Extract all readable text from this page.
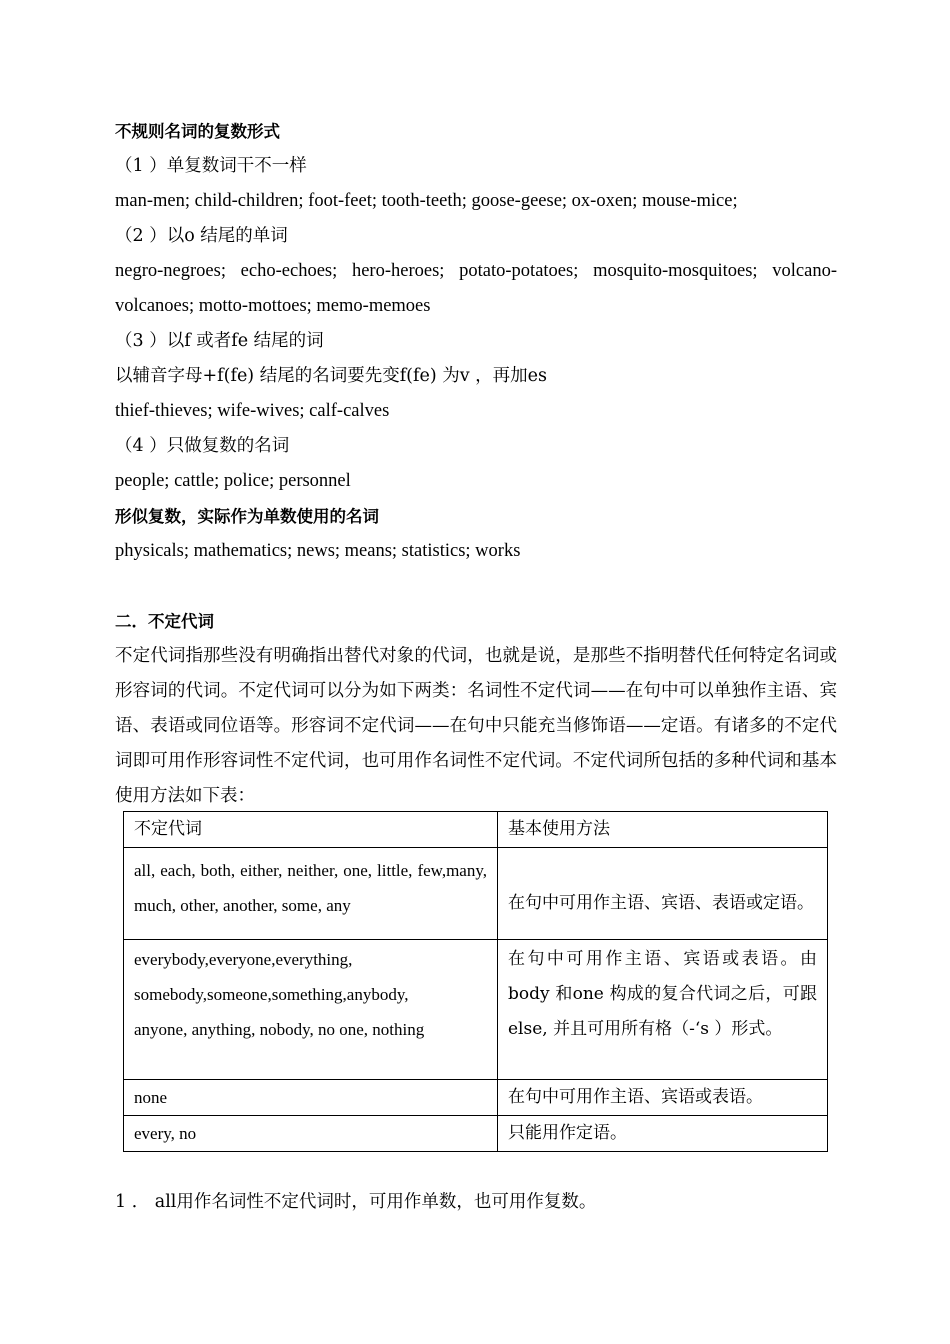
不规则名词的复数形式
（1 ）单复数词干不一样
man-men; child-children; foot-feet; tooth-teeth; goose-geese; ox-oxen; mouse-mice;
（2 ）以o 结尾的单词
negro-negroes; echo-echoes; hero-heroes; potato-potatoes; mosquito-mosquitoes; volcano-
volcanoes; motto-mottoes; memo-memoes
（3 ）以f 或者fe 结尾的词
以辅音字母+f(fe) 结尾的名词要先变f(fe) 为v ，再加es
thief-thieves; wife-wives; calf-calves
（4 ）只做复数的名词
people; cattle; police; personnel
形似复数，实际作为单数使用的名词
physicals; mathematics; news; means; statistics; works
二．不定代词
不定代词指那些没有明确指出替代对象的代词，也就是说，是那些不指明替代任何特定名词或形容词的代词。不定代词可以分为如下两类：名词性不定代词——在句中可以单独作主语、宾语、表语或同位语等。形容词不定代词——在句中只能充当修饰语——定语。有诸多的不定代词即可用作形容词性不定代词，也可用作名词性不定代词。不定代词所包括的多种代词和基本使用方法如下表：
不定代词	基本使用方法
all, each, both, either, neither, one, little, few,many, much, other, another, some, any	在句中可用作主语、宾语、表语或定语。

everybody,everyone,everything,
somebody,someone,something,anybody,
anyone, anything, nobody, no one, nothing	在句中可用作主语、宾语或表语。由body 和one 构成的复合代词之后，可跟else, 并且可用所有格（-‘s ）形式。
none	在句中可用作主语、宾语或表语。
every, no	只能用作定语。
1 ． all用作名词性不定代词时，可用作单数，也可用作复数。
